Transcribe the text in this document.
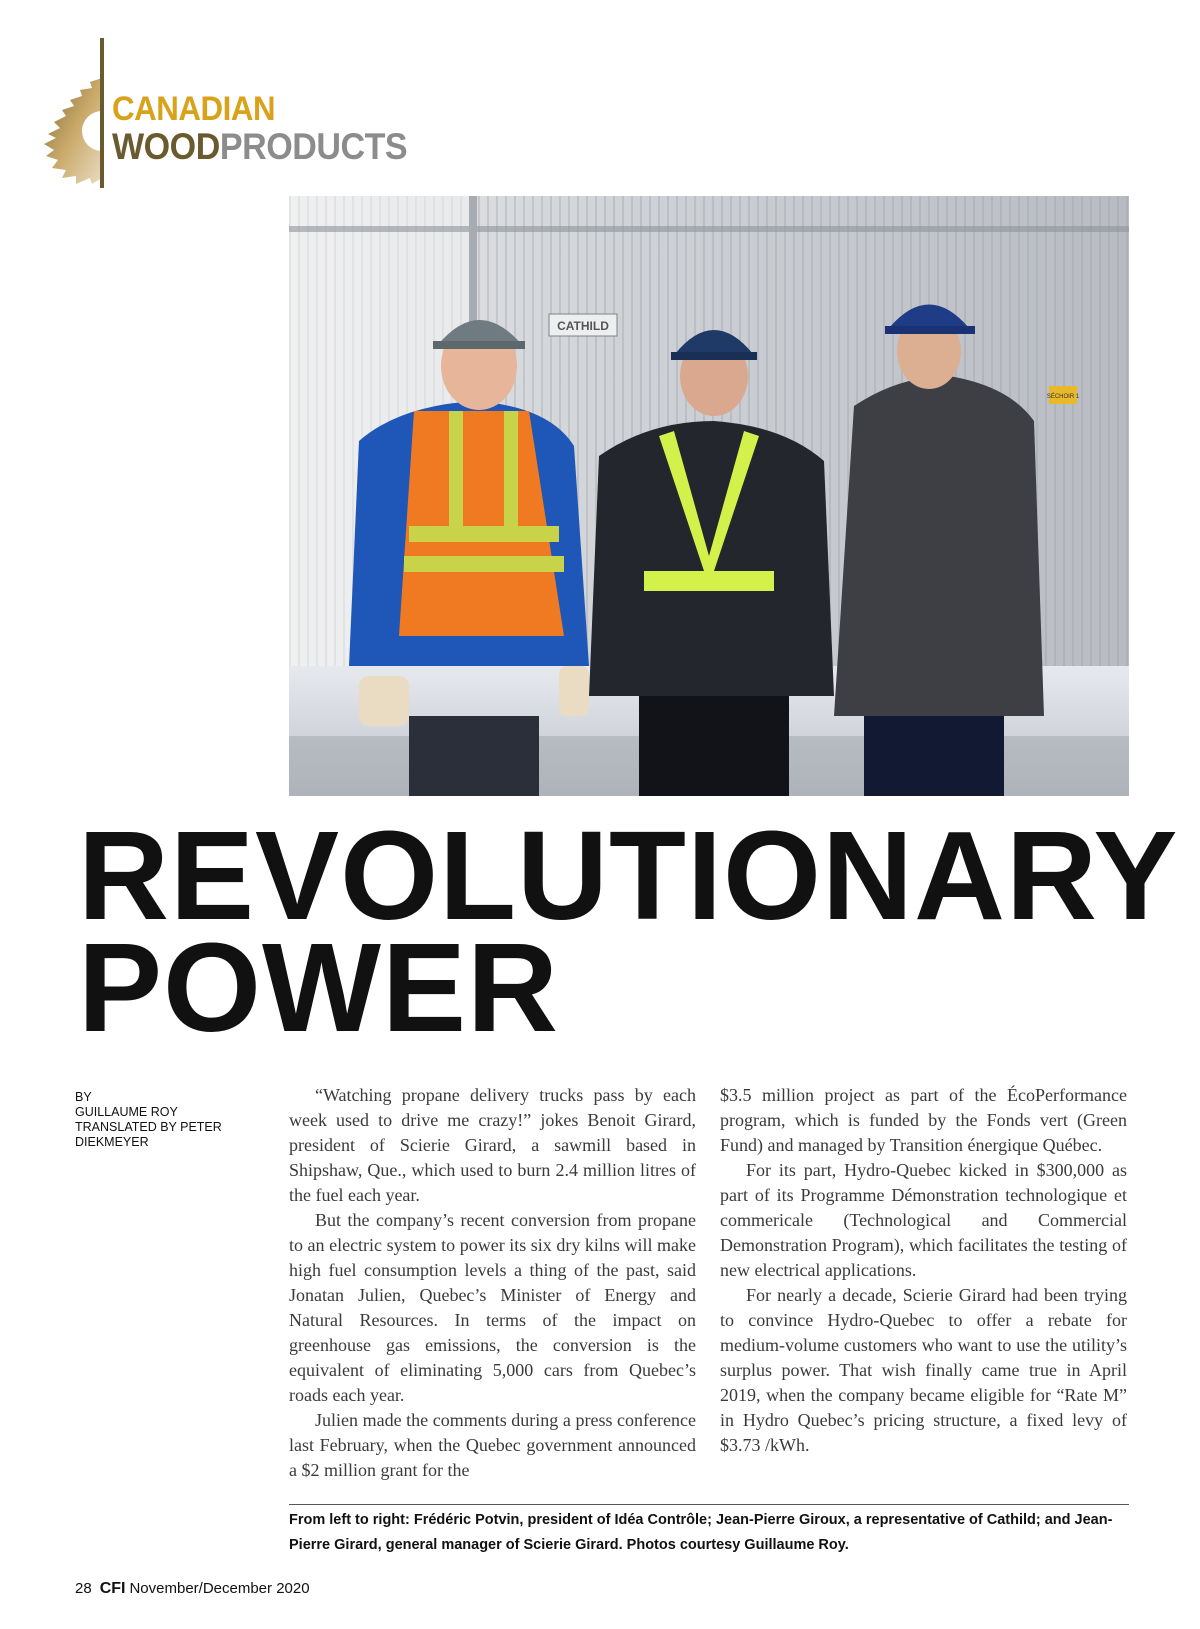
CANADIAN
WOODPRODUCTS
CATHILD
SÉCHOIR 1
REVOLUTIONARY
POWER
BY
GUILLAUME ROY
TRANSLATED BY PETER DIEKMEYER

“Watching propane delivery trucks pass by each week used to drive me crazy!” jokes Benoit Girard, president of Scierie Girard, a sawmill based in Shipshaw, Que., which used to burn 2.4 million litres of the fuel each year.

But the company’s recent conversion from propane to an electric system to power its six dry kilns will make high fuel consumption levels a thing of the past, said Jonatan Julien, Quebec’s Minister of Energy and Natural Resources. In terms of the impact on greenhouse gas emissions, the conversion is the equivalent of eliminating 5,000 cars from Quebec’s roads each year.

Julien made the comments during a press conference last February, when the Quebec government announced a $2 million grant for the

$3.5 million project as part of the ÉcoPerformance program, which is funded by the Fonds vert (Green Fund) and managed by Transition énergique Québec.

For its part, Hydro-Quebec kicked in $300,000 as part of its Programme Démonstration technologique et commericale (Technological and Commercial Demonstration Program), which facilitates the testing of new electrical applications.

For nearly a decade, Scierie Girard had been trying to convince Hydro-Quebec to offer a rebate for medium-volume customers who want to use the utility’s surplus power. That wish finally came true in April 2019, when the company became eligible for “Rate M” in Hydro Quebec’s pricing structure, a fixed levy of $3.73 /kWh.

From left to right: Frédéric Potvin, president of Idéa Contrôle; Jean-Pierre Giroux, a representative of Cathild; and Jean-Pierre Girard, general manager of Scierie Girard. Photos courtesy Guillaume Roy.
28 CFI November/December 2020
